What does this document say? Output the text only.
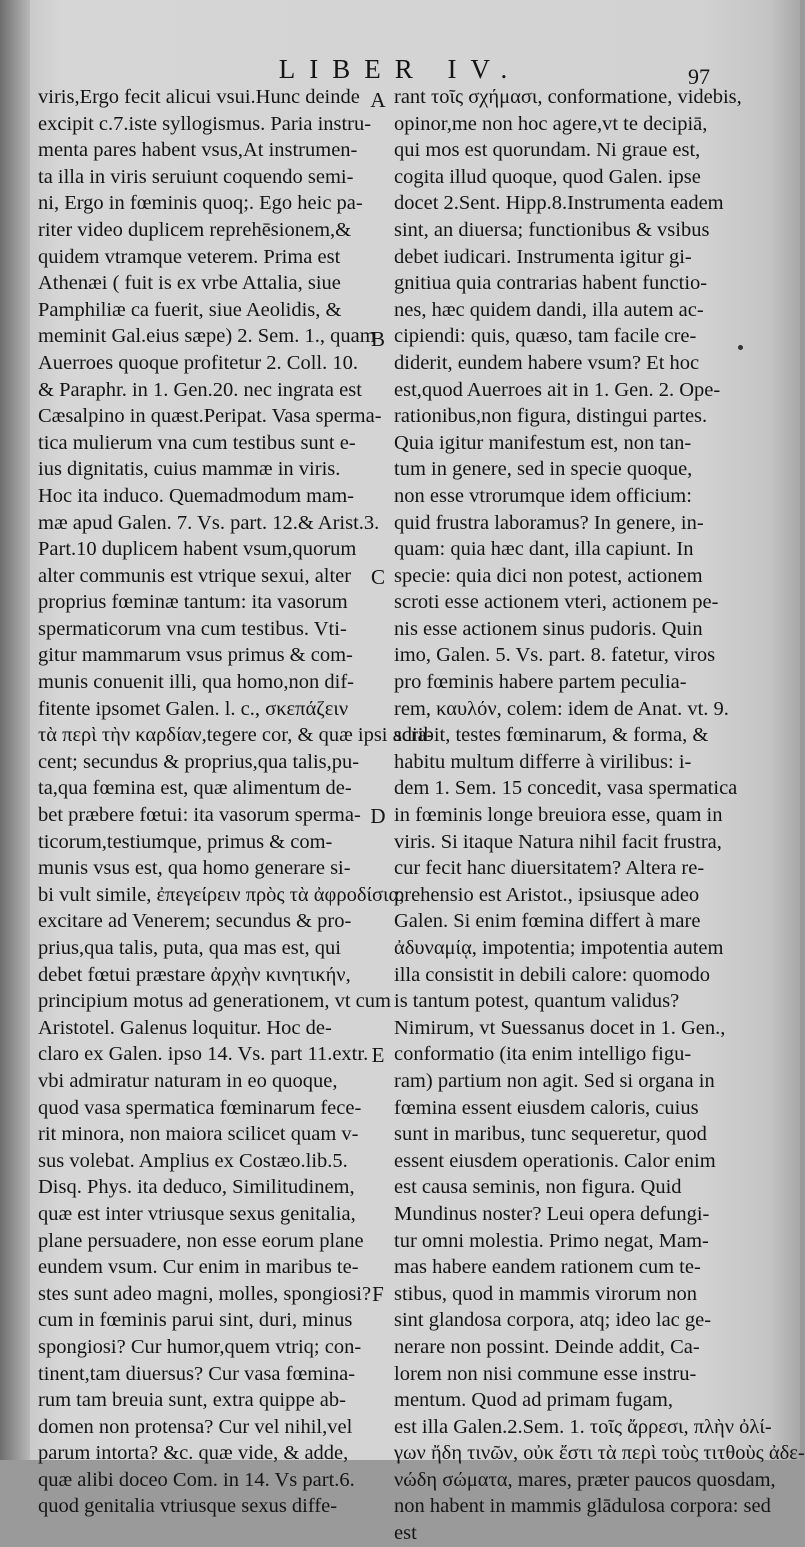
LIBER IV.	97
viris,Ergo fecit alicui vsui.Hunc deinde
excipit c.7.iste syllogismus. Paria instru-
menta pares habent vsus,At instrumen-
ta illa in viris seruiunt coquendo semi-
ni, Ergo in fœminis quoq;. Ego heic pa-
riter video duplicem reprehēsionem,&
quidem vtramque veterem. Prima est
Athenæi ( fuit is ex vrbe Attalia, siue
Pamphiliæ ca fuerit, siue Aeolidis, &
meminit Gal.eius sæpe) 2. Sem. 1., quam
Auerroes quoque profitetur 2. Coll. 10.
& Paraphr. in 1. Gen.20. nec ingrata est
Cæsalpino in quæst.Peripat. Vasa sperma-
tica mulierum vna cum testibus sunt e-
ius dignitatis, cuius mammæ in viris.
Hoc ita induco. Quemadmodum mam-
mæ apud Galen. 7. Vs. part. 12.& Arist.3.
Part.10 duplicem habent vsum,quorum
alter communis est vtrique sexui, alter
proprius fœminæ tantum: ita vasorum
spermaticorum vna cum testibus. Vti-
gitur mammarum vsus primus & com-
munis conuenit illi, qua homo,non dif-
fitente ipsomet Galen. l. c., σκεπάζειν
τὰ περὶ τὴν καρδίαν,tegere cor, & quæ ipsi adia-
cent; secundus & proprius,qua talis,pu-
ta,qua fœmina est, quæ alimentum de-
bet præbere fœtui: ita vasorum sperma-
ticorum,testiumque, primus & com-
munis vsus est, qua homo generare si-
bi vult simile, ἐπεγείρειν πρὸς τὰ ἀφροδίσια,
excitare ad Venerem; secundus & pro-
prius,qua talis, puta, qua mas est, qui
debet fœtui præstare ἀρχὴν κινητικήν,
principium motus ad generationem, vt cum
Aristotel. Galenus loquitur. Hoc de-
claro ex Galen. ipso 14. Vs. part 11.extr.
vbi admiratur naturam in eo quoque,
quod vasa spermatica fœminarum fece-
rit minora, non maiora scilicet quam v-
sus volebat. Amplius ex Costæo.lib.5.
Disq. Phys. ita deduco, Similitudinem,
quæ est inter vtriusque sexus genitalia,
plane persuadere, non esse eorum plane
eundem vsum. Cur enim in maribus te-
stes sunt adeo magni, molles, spongiosi?
cum in fœminis parui sint, duri, minus
spongiosi? Cur humor,quem vtriq; con-
tinent,tam diuersus? Cur vasa fœmina-
rum tam breuia sunt, extra quippe ab-
domen non protensa? Cur vel nihil,vel
parum intorta? &c. quæ vide, & adde,
quæ alibi doceo Com. in 14. Vs part.6.
quod genitalia vtriusque sexus diffe-
rant τοῖς σχήμασι, conformatione, videbis,
opinor,me non hoc agere,vt te decipiā,
qui mos est quorundam. Ni graue est,
cogita illud quoque, quod Galen. ipse
docet 2.Sent. Hipp.8.Instrumenta eadem
sint, an diuersa; functionibus & vsibus
debet iudicari. Instrumenta igitur gi-
gnitiua quia contrarias habent functio-
nes, hæc quidem dandi, illa autem ac-
cipiendi: quis, quæso, tam facile cre-
diderit, eundem habere vsum? Et hoc
est,quod Auerroes ait in 1. Gen. 2. Ope-
rationibus,non figura, distingui partes.
Quia igitur manifestum est, non tan-
tum in genere, sed in specie quoque,
non esse vtrorumque idem officium:
quid frustra laboramus? In genere, in-
quam: quia hæc dant, illa capiunt. In
specie: quia dici non potest, actionem
scroti esse actionem vteri, actionem pe-
nis esse actionem sinus pudoris. Quin
imo, Galen. 5. Vs. part. 8. fatetur, viros
pro fœminis habere partem peculia-
rem, καυλόν, colem: idem de Anat. vt. 9.
scribit, testes fœminarum, & forma, &
habitu multum differre à virilibus: i-
dem 1. Sem. 15 concedit, vasa spermatica
in fœminis longe breuiora esse, quam in
viris. Si itaque Natura nihil facit frustra,
cur fecit hanc diuersitatem? Altera re-
prehensio est Aristot., ipsiusque adeo
Galen. Si enim fœmina differt à mare
ἀδυναμίᾳ, impotentia; impotentia autem
illa consistit in debili calore: quomodo
is tantum potest, quantum validus?
Nimirum, vt Suessanus docet in 1. Gen.,
conformatio (ita enim intelligo figu-
ram) partium non agit. Sed si organa in
fœmina essent eiusdem caloris, cuius
sunt in maribus, tunc sequeretur, quod
essent eiusdem operationis. Calor enim
est causa seminis, non figura. Quid
Mundinus noster? Leui opera defungi-
tur omni molestia. Primo negat, Mam-
mas habere eandem rationem cum te-
stibus, quod in mammis virorum non
sint glandosa corpora, atq; ideo lac ge-
nerare non possint. Deinde addit, Ca-
lorem non nisi commune esse instru-
mentum. Quod ad primam fugam,
est illa Galen.2.Sem. 1. τοῖς ἄρρεσι, πλὴν ὀλί-
γων ἤδη τινῶν, οὐκ ἔστι τὰ περὶ τοὺς τιτθοὺς ἀδε-
νώδη σώματα, mares, præter paucos quosdam,
non habent in mammis glādulosa corpora: sed
est
A
B
C
D
E
F
